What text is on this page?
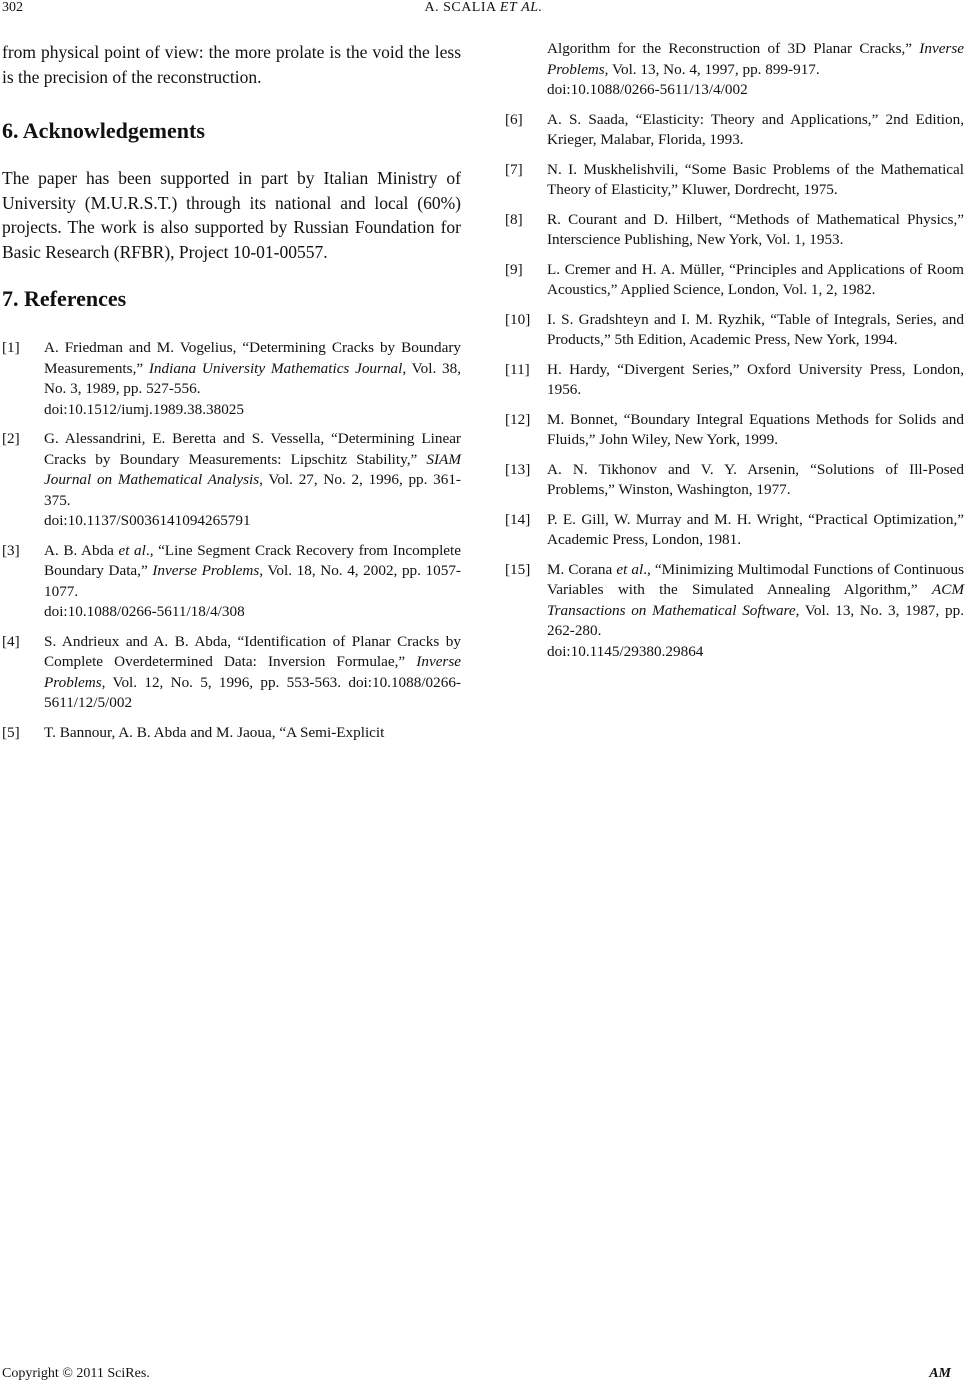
302	A. SCALIA ET AL.

from physical point of view: the more prolate is the void the less is the precision of the reconstruction.

6. Acknowledgements

The paper has been supported in part by Italian Ministry of University (M.U.R.S.T.) through its national and local (60%) projects. The work is also supported by Russian Foundation for Basic Research (RFBR), Project 10-01-00557.

7. References
[1] A. Friedman and M. Vogelius, “Determining Cracks by Boundary Measurements,” Indiana University Mathematics Journal, Vol. 38, No. 3, 1989, pp. 527-556.
doi:10.1512/iumj.1989.38.38025
[2] G. Alessandrini, E. Beretta and S. Vessella, “Determining Linear Cracks by Boundary Measurements: Lipschitz Stability,” SIAM Journal on Mathematical Analysis, Vol. 27, No. 2, 1996, pp. 361-375.
doi:10.1137/S0036141094265791
[3] A. B. Abda et al., “Line Segment Crack Recovery from Incomplete Boundary Data,” Inverse Problems, Vol. 18, No. 4, 2002, pp. 1057-1077.
doi:10.1088/0266-5611/18/4/308
[4] S. Andrieux and A. B. Abda, “Identification of Planar Cracks by Complete Overdetermined Data: Inversion Formulae,” Inverse Problems, Vol. 12, No. 5, 1996, pp. 553-563. doi:10.1088/0266-5611/12/5/002
[5] T. Bannour, A. B. Abda and M. Jaoua, “A Semi-Explicit
Algorithm for the Reconstruction of 3D Planar Cracks,” Inverse Problems, Vol. 13, No. 4, 1997, pp. 899-917.
doi:10.1088/0266-5611/13/4/002
[6] A. S. Saada, “Elasticity: Theory and Applications,” 2nd Edition, Krieger, Malabar, Florida, 1993.
[7] N. I. Muskhelishvili, “Some Basic Problems of the Mathematical Theory of Elasticity,” Kluwer, Dordrecht, 1975.
[8] R. Courant and D. Hilbert, “Methods of Mathematical Physics,” Interscience Publishing, New York, Vol. 1, 1953.
[9] L. Cremer and H. A. Müller, “Principles and Applications of Room Acoustics,” Applied Science, London, Vol. 1, 2, 1982.
[10] I. S. Gradshteyn and I. M. Ryzhik, “Table of Integrals, Series, and Products,” 5th Edition, Academic Press, New York, 1994.
[11] H. Hardy, “Divergent Series,” Oxford University Press, London, 1956.
[12] M. Bonnet, “Boundary Integral Equations Methods for Solids and Fluids,” John Wiley, New York, 1999.
[13] A. N. Tikhonov and V. Y. Arsenin, “Solutions of Ill-Posed Problems,” Winston, Washington, 1977.
[14] P. E. Gill, W. Murray and M. H. Wright, “Practical Optimization,” Academic Press, London, 1981.
[15] M. Corana et al., “Minimizing Multimodal Functions of Continuous Variables with the Simulated Annealing Algorithm,” ACM Transactions on Mathematical Software, Vol. 13, No. 3, 1987, pp. 262-280.
doi:10.1145/29380.29864
Copyright © 2011 SciRes.	AM
